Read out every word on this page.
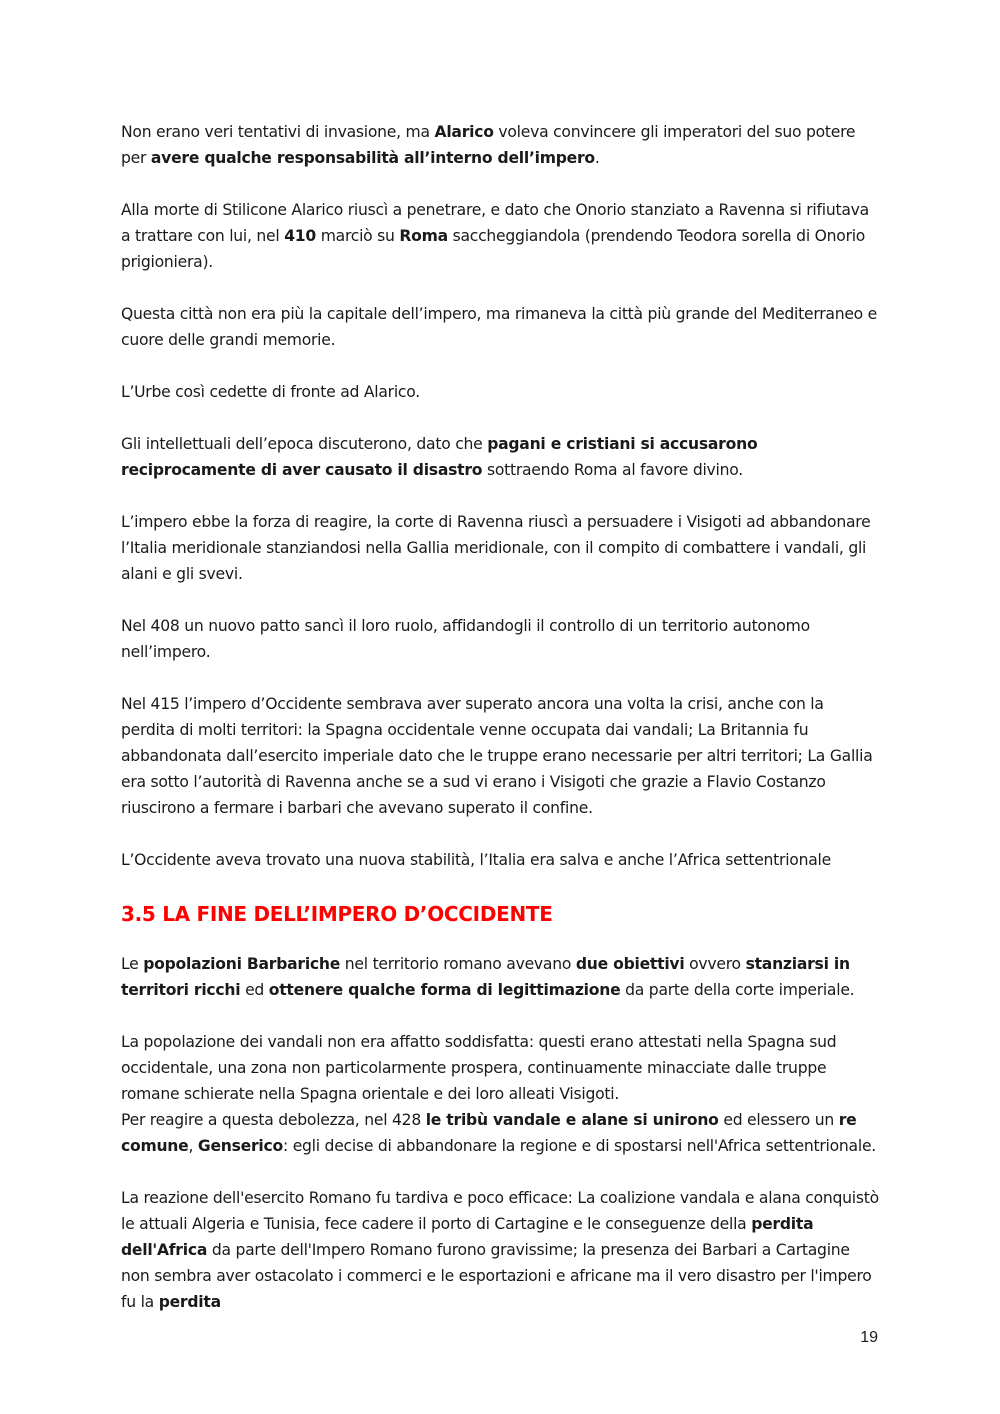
Non erano veri tentativi di invasione, ma Alarico voleva convincere gli imperatori del suo potere per avere qualche responsabilità all’interno dell’impero.

Alla morte di Stilicone Alarico riuscì a penetrare, e dato che Onorio stanziato a Ravenna si rifiutava a trattare con lui, nel 410 marciò su Roma saccheggiandola (prendendo Teodora sorella di Onorio prigioniera).

Questa città non era più la capitale dell’impero, ma rimaneva la città più grande del Mediterraneo e cuore delle grandi memorie.

L’Urbe così cedette di fronte ad Alarico.

Gli intellettuali dell’epoca discuterono, dato che pagani e cristiani si accusarono reciprocamente di aver causato il disastro sottraendo Roma al favore divino.

L’impero ebbe la forza di reagire, la corte di Ravenna riuscì a persuadere i Visigoti ad abbandonare l’Italia meridionale stanziandosi nella Gallia meridionale, con il compito di combattere i vandali, gli alani e gli svevi.

Nel 408 un nuovo patto sancì il loro ruolo, affidandogli il controllo di un territorio autonomo nell’impero.

Nel 415 l’impero d’Occidente sembrava aver superato ancora una volta la crisi, anche con la perdita di molti territori: la Spagna occidentale venne occupata dai vandali; La Britannia fu abbandonata dall’esercito imperiale dato che le truppe erano necessarie per altri territori; La Gallia era sotto l’autorità di Ravenna anche se a sud vi erano i Visigoti che grazie a Flavio Costanzo riuscirono a fermare i barbari che avevano superato il confine.

L’Occidente aveva trovato una nuova stabilità, l’Italia era salva e anche l’Africa settentrionale

3.5 LA FINE DELL’IMPERO D’OCCIDENTE

Le popolazioni Barbariche nel territorio romano avevano due obiettivi ovvero stanziarsi in territori ricchi ed ottenere qualche forma di legittimazione da parte della corte imperiale.

La popolazione dei vandali non era affatto soddisfatta: questi erano attestati nella Spagna sud occidentale, una zona non particolarmente prospera, continuamente minacciate dalle truppe romane schierate nella Spagna orientale e dei loro alleati Visigoti.

Per reagire a questa debolezza, nel 428 le tribù vandale e alane si unirono ed elessero un re comune, Genserico: egli decise di abbandonare la regione e di spostarsi nell'Africa settentrionale.

La reazione dell'esercito Romano fu tardiva e poco efficace: La coalizione vandala e alana conquistò le attuali Algeria e Tunisia, fece cadere il porto di Cartagine e le conseguenze della perdita dell'Africa da parte dell'Impero Romano furono gravissime; la presenza dei Barbari a Cartagine non sembra aver ostacolato i commerci e le esportazioni e africane ma il vero disastro per l'impero fu la perdita

19
